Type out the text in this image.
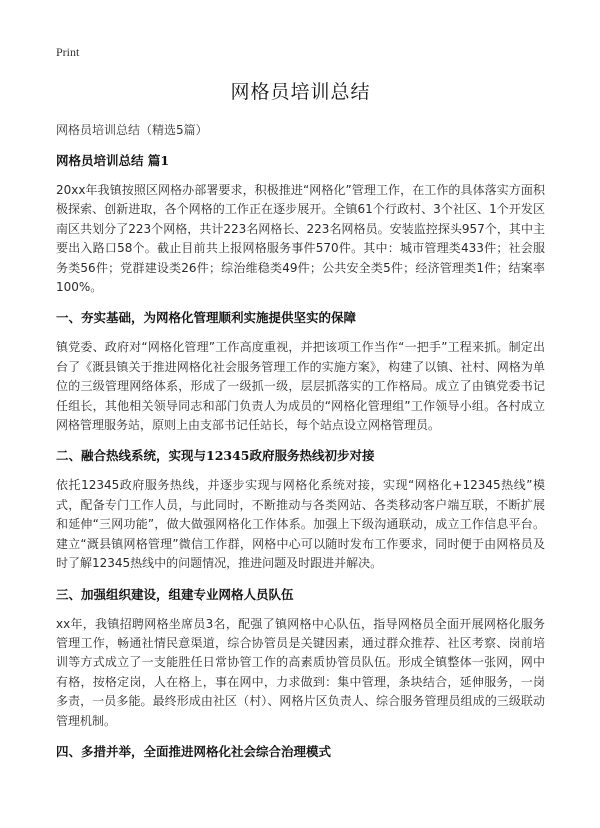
Print
网格员培训总结
网格员培训总结（精选5篇）
网格员培训总结 篇1

20xx年我镇按照区网格办部署要求，积极推进“网格化”管理工作，在工作的具体落实方面积极探索、创新进取，各个网格的工作正在逐步展开。全镇61个行政村、3个社区、1个开发区南区共划分了223个网格，共计223名网格长、223名网格员。安装监控探头957个，其中主要出入路口58个。截止目前共上报网格服务事件570件。其中：城市管理类433件；社会服务类56件；党群建设类26件；综治维稳类49件；公共安全类5件；经济管理类1件；结案率100%。

一、夯实基础，为网格化管理顺利实施提供坚实的保障

镇党委、政府对“网格化管理”工作高度重视，并把该项工作当作“一把手”工程来抓。制定出台了《溉县镇关于推进网格化社会服务管理工作的实施方案》，构建了以镇、社村、网格为单位的三级管理网络体系，形成了一级抓一级，层层抓落实的工作格局。成立了由镇党委书记任组长，其他相关领导同志和部门负责人为成员的“网格化管理组”工作领导小组。各村成立网格管理服务站，原则上由支部书记任站长，每个站点设立网格管理员。

二、融合热线系统，实现与12345政府服务热线初步对接

依托12345政府服务热线，并逐步实现与网格化系统对接，实现“网格化+12345热线”模式，配备专门工作人员，与此同时，不断推动与各类网站、各类移动客户端互联，不断扩展和延伸“三网功能”，做大做强网格化工作体系。加强上下级沟通联动，成立工作信息平台。建立“溉县镇网格管理”微信工作群，网格中心可以随时发布工作要求，同时便于由网格员及时了解12345热线中的问题情况，推进问题及时跟进并解决。

三、加强组织建设，组建专业网格人员队伍

xx年，我镇招聘网格坐席员3名，配强了镇网格中心队伍，指导网格员全面开展网格化服务管理工作，畅通社情民意渠道，综合协管员是关键因素，通过群众推荐、社区考察、岗前培训等方式成立了一支能胜任日常协管工作的高素质协管员队伍。形成全镇整体一张网，网中有格，按格定岗，人在格上，事在网中，力求做到：集中管理，条块结合，延伸服务，一岗多责，一员多能。最终形成由社区（村）、网格片区负责人、综合服务管理员组成的三级联动管理机制。

四、多措并举，全面推进网格化社会综合治理模式
